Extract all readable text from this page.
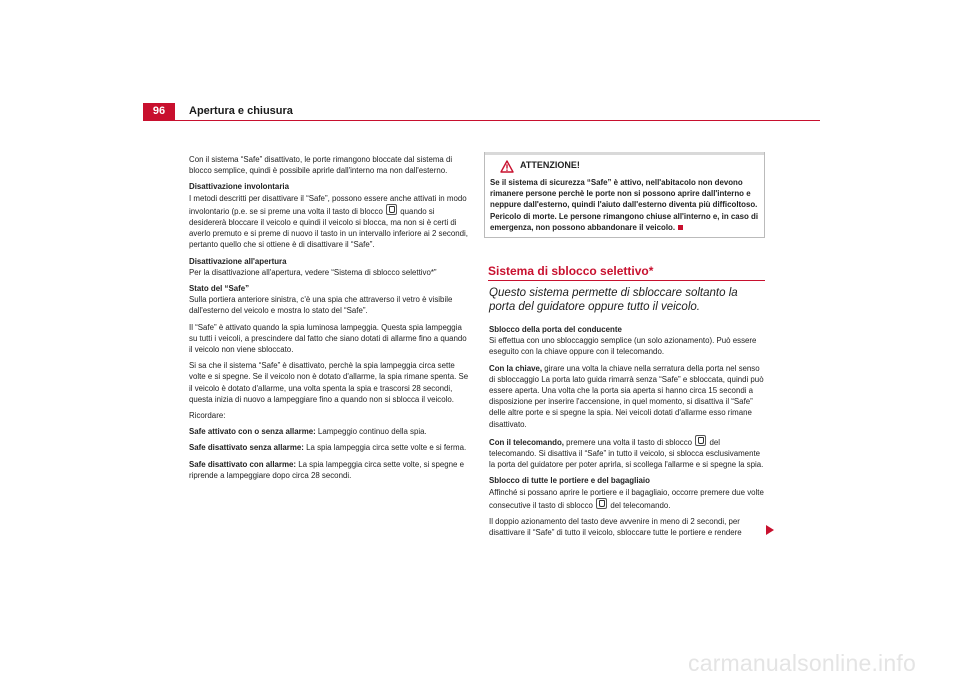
96	Apertura e chiusura

Con il sistema “Safe” disattivato, le porte rimangono bloccate dal sistema di blocco semplice, quindi è possibile aprirle dall'interno ma non dall'esterno.

Disattivazione involontaria

I metodi descritti per disattivare il “Safe”, possono essere anche attivati in modo involontario (p.e. se si preme una volta il tasto di blocco quando si desidererà bloccare il veicolo e quindi il veicolo si blocca, ma non si è certi di averlo premuto e si preme di nuovo il tasto in un intervallo inferiore ai 2 secondi, pertanto quello che si ottiene è di disattivare il “Safe”.

Disattivazione all'apertura

Per la disattivazione all'apertura, vedere “Sistema di sblocco selettivo*”

Stato del “Safe”

Sulla portiera anteriore sinistra, c'è una spia che attraverso il vetro è visibile dall'esterno del veicolo e mostra lo stato del “Safe”.

Il “Safe” è attivato quando la spia luminosa lampeggia. Questa spia lampeggia su tutti i veicoli, a prescindere dal fatto che siano dotati di allarme fino a quando il veicolo non viene sbloccato.

Si sa che il sistema “Safe” è disattivato, perchè la spia lampeggia circa sette volte e si spegne. Se il veicolo non è dotato d'allarme, la spia rimane spenta. Se il veicolo è dotato d'allarme, una volta spenta la spia e trascorsi 28 secondi, questa inizia di nuovo a lampeggiare fino a quando non si sblocca il veicolo.

Ricordare:

Safe attivato con o senza allarme: Lampeggio continuo della spia.

Safe disattivato senza allarme: La spia lampeggia circa sette volte e si ferma.

Safe disattivato con allarme: La spia lampeggia circa sette volte, si spegne e riprende a lampeggiare dopo circa 28 secondi.

ATTENZIONE!
Se il sistema di sicurezza “Safe” è attivo, nell'abitacolo non devono rimanere persone perchè le porte non si possono aprire dall'interno e neppure dall'esterno, quindi l'aiuto dall'esterno diventa più difficoltoso. Pericolo di morte. Le persone rimangono chiuse all'interno e, in caso di emergenza, non possono abbandonare il veicolo.
Sistema di sblocco selettivo*
Questo sistema permette di sbloccare soltanto la porta del guidatore oppure tutto il veicolo.

Sblocco della porta del conducente

Si effettua con uno sbloccaggio semplice (un solo azionamento). Può essere eseguito con la chiave oppure con il telecomando.

Con la chiave, girare una volta la chiave nella serratura della porta nel senso di sbloccaggio La porta lato guida rimarrà senza “Safe” e sbloccata, quindi può essere aperta. Una volta che la porta sia aperta si hanno circa 15 secondi a disposizione per inserire l'accensione, in quel momento, si disattiva il “Safe” delle altre porte e si spegne la spia. Nei veicoli dotati d'allarme esso rimane disattivato.

Con il telecomando, premere una volta il tasto di sblocco del telecomando. Si disattiva il “Safe” in tutto il veicolo, si sblocca esclusivamente la porta del guidatore per poter aprirla, si scollega l'allarme e si spegne la spia.

Sblocco di tutte le portiere e del bagagliaio

Affinché si possano aprire le portiere e il bagagliaio, occorre premere due volte consecutive il tasto di sblocco del telecomando.

Il doppio azionamento del tasto deve avvenire in meno di 2 secondi, per disattivare il “Safe” di tutto il veicolo, sbloccare tutte le portiere e rendere

carmanualsonline.info
